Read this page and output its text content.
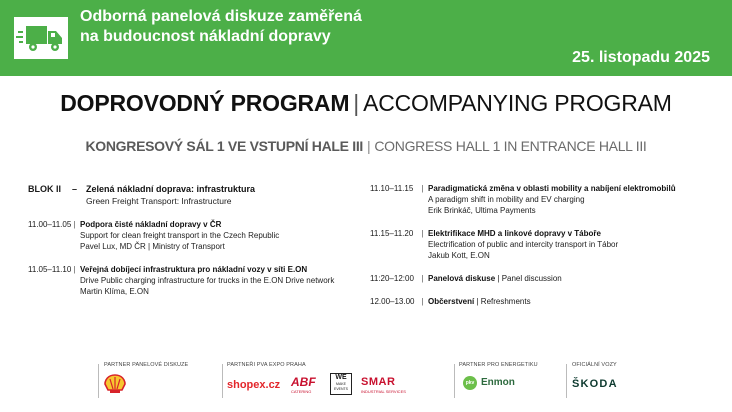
Odborná panelová diskuze zaměřená
na budoucnost nákladní dopravy
25. listopadu 2025
DOPROVODNÝ PROGRAM | ACCOMPANYING PROGRAM
KONGRESOVÝ SÁL 1 VE VSTUPNÍ HALE III | CONGRESS HALL 1 IN ENTRANCE HALL III
BLOK II	– Zelená nákladní doprava: infrastruktura
Green Freight Transport: Infrastructure
11.00–11.05 | Podpora čisté nákladní dopravy v ČR
Support for clean freight transport in the Czech Republic
Pavel Lux, MD ČR | Ministry of Transport
11.05–11.10 | Veřejná dobíjecí infrastruktura pro nákladní vozy v síti E.ON
Drive Public charging infrastructure for trucks in the E.ON Drive network
Martin Klíma, E.ON
11.10–11.15	| Paradigmatická změna v oblasti mobility a nabíjení elektromobilů
A paradigm shift in mobility and EV charging
Erik Brinkáč, Ultima Payments
11.15–11.20	| Elektrifikace MHD a linkové dopravy v Táboře
Electrification of public and intercity transport in Tábor
Jakub Kott, E.ON
11:20–12:00 | Panelová diskuse | Panel discussion
12.00–13.00 | Občerstvení | Refreshments
PARTNER PANELOVÉ DISKUZE	PARTNEŘI PVA EXPO PRAHA
shopex.cz ABF
CATERING
WE
MAKE
EVENTS
SMAR
INDUSTRIAL SERVICES
PARTNER PRO ENERGETIKU
pkv Enmon
OFICIÁLNÍ VOZY
ŠKODA
